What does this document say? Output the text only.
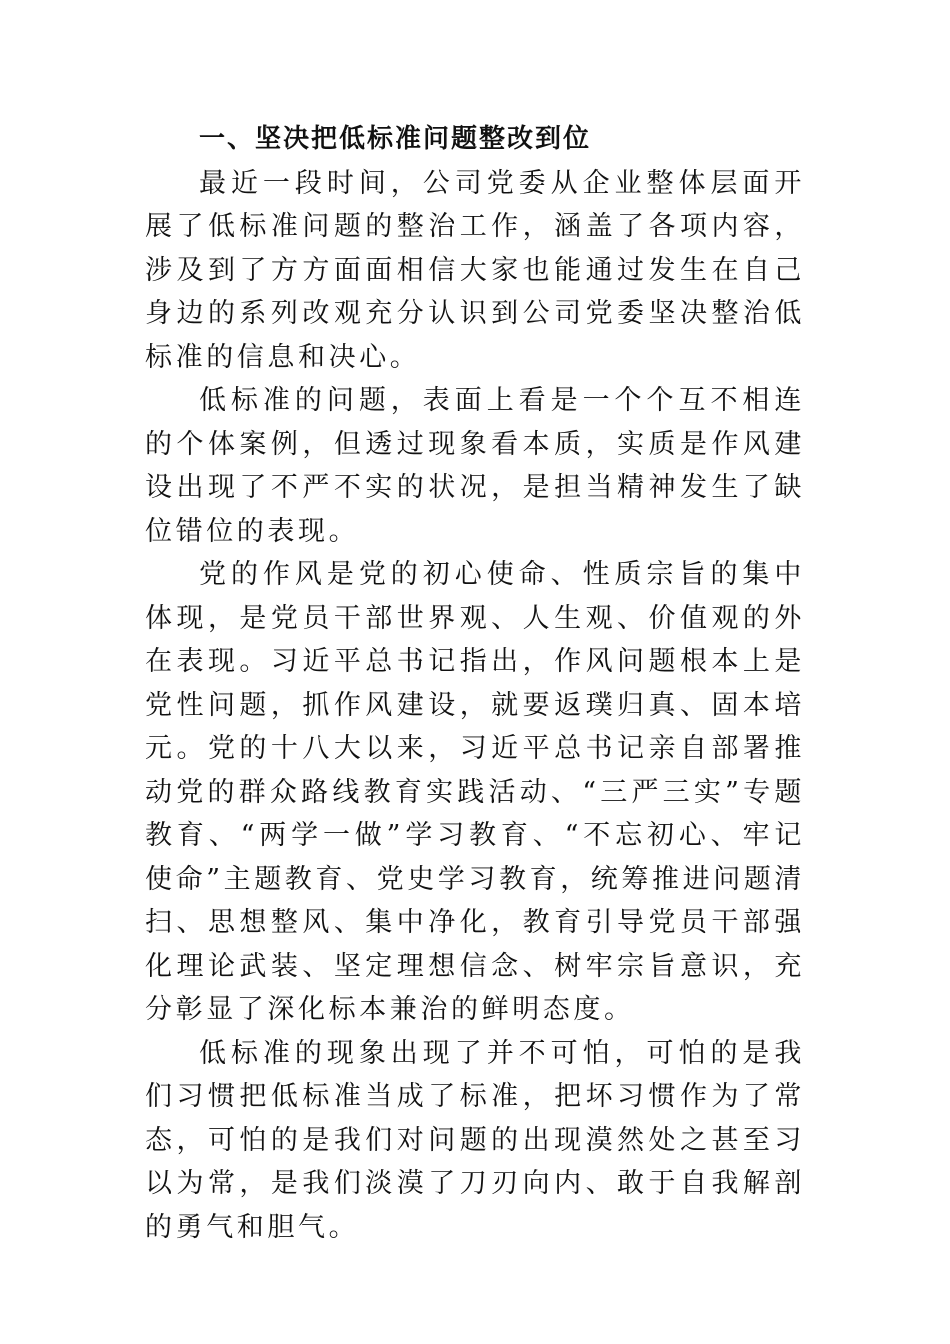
一、坚决把低标准问题整改到位

最近一段时间，公司党委从企业整体层面开展了低标准问题的整治工作，涵盖了各项内容，涉及到了方方面面相信大家也能通过发生在自己身边的系列改观充分认识到公司党委坚决整治低标准的信息和决心。

低标准的问题，表面上看是一个个互不相连的个体案例，但透过现象看本质，实质是作风建设出现了不严不实的状况，是担当精神发生了缺位错位的表现。

党的作风是党的初心使命、性质宗旨的集中体现，是党员干部世界观、人生观、价值观的外在表现。习近平总书记指出，作风问题根本上是党性问题，抓作风建设，就要返璞归真、固本培元。党的十八大以来，习近平总书记亲自部署推动党的群众路线教育实践活动、“三严三实”专题教育、“两学一做”学习教育、“不忘初心、牢记使命”主题教育、党史学习教育，统筹推进问题清扫、思想整风、集中净化，教育引导党员干部强化理论武装、坚定理想信念、树牢宗旨意识，充分彰显了深化标本兼治的鲜明态度。

低标准的现象出现了并不可怕，可怕的是我们习惯把低标准当成了标准，把坏习惯作为了常态，可怕的是我们对问题的出现漠然处之甚至习以为常，是我们淡漠了刀刃向内、敢于自我解剖的勇气和胆气。
